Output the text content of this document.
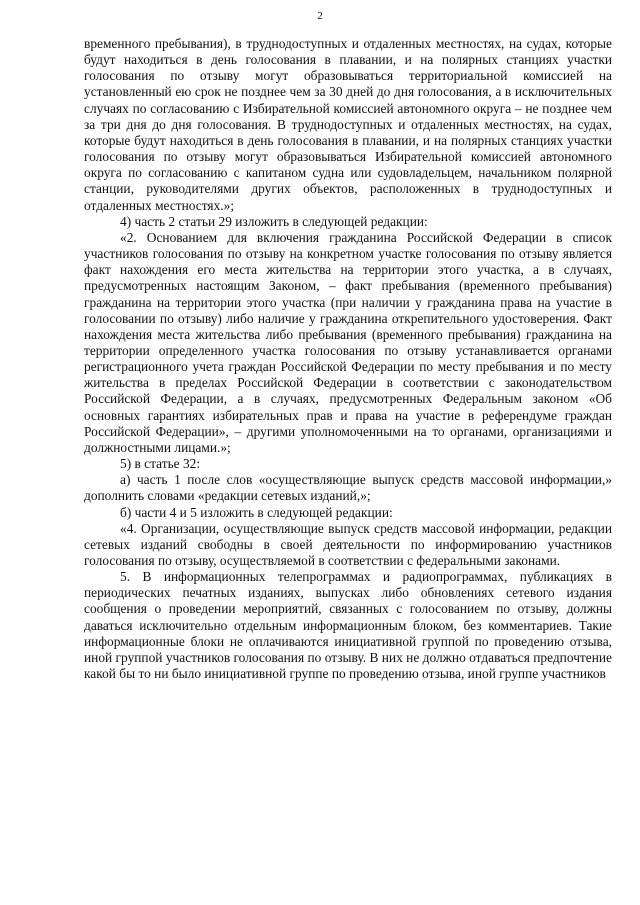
2

временного пребывания), в труднодоступных и отдаленных местностях, на судах, которые будут находиться в день голосования в плавании, и на полярных станциях участки голосования по отзыву могут образовываться территориальной комиссией на установленный ею срок не позднее чем за 30 дней до дня голосования, а в исключительных случаях по согласованию с Избирательной комиссией автономного округа – не позднее чем за три дня до дня голосования. В труднодоступных и отдаленных местностях, на судах, которые будут находиться в день голосования в плавании, и на полярных станциях участки голосования по отзыву могут образовываться Избирательной комиссией автономного округа по согласованию с капитаном судна или судовладельцем, начальником полярной станции, руководителями других объектов, расположенных в труднодоступных и отдаленных местностях.»;

4) часть 2 статьи 29 изложить в следующей редакции:

«2. Основанием для включения гражданина Российской Федерации в список участников голосования по отзыву на конкретном участке голосования по отзыву является факт нахождения его места жительства на территории этого участка, а в случаях, предусмотренных настоящим Законом, – факт пребывания (временного пребывания) гражданина на территории этого участка (при наличии у гражданина права на участие в голосовании по отзыву) либо наличие у гражданина открепительного удостоверения. Факт нахождения места жительства либо пребывания (временного пребывания) гражданина на территории определенного участка голосования по отзыву устанавливается органами регистрационного учета граждан Российской Федерации по месту пребывания и по месту жительства в пределах Российской Федерации в соответствии с законодательством Российской Федерации, а в случаях, предусмотренных Федеральным законом «Об основных гарантиях избирательных прав и права на участие в референдуме граждан Российской Федерации», – другими уполномоченными на то органами, организациями и должностными лицами.»;

5) в статье 32:

а) часть 1 после слов «осуществляющие выпуск средств массовой информации,» дополнить словами «редакции сетевых изданий,»;

б) части 4 и 5 изложить в следующей редакции:

«4. Организации, осуществляющие выпуск средств массовой информации, редакции сетевых изданий свободны в своей деятельности по информированию участников голосования по отзыву, осуществляемой в соответствии с федеральными законами.

5. В информационных телепрограммах и радиопрограммах, публикациях в периодических печатных изданиях, выпусках либо обновлениях сетевого издания сообщения о проведении мероприятий, связанных с голосованием по отзыву, должны даваться исключительно отдельным информационным блоком, без комментариев. Такие информационные блоки не оплачиваются инициативной группой по проведению отзыва, иной группой участников голосования по отзыву. В них не должно отдаваться предпочтение какой бы то ни было инициативной группе по проведению отзыва, иной группе участников
